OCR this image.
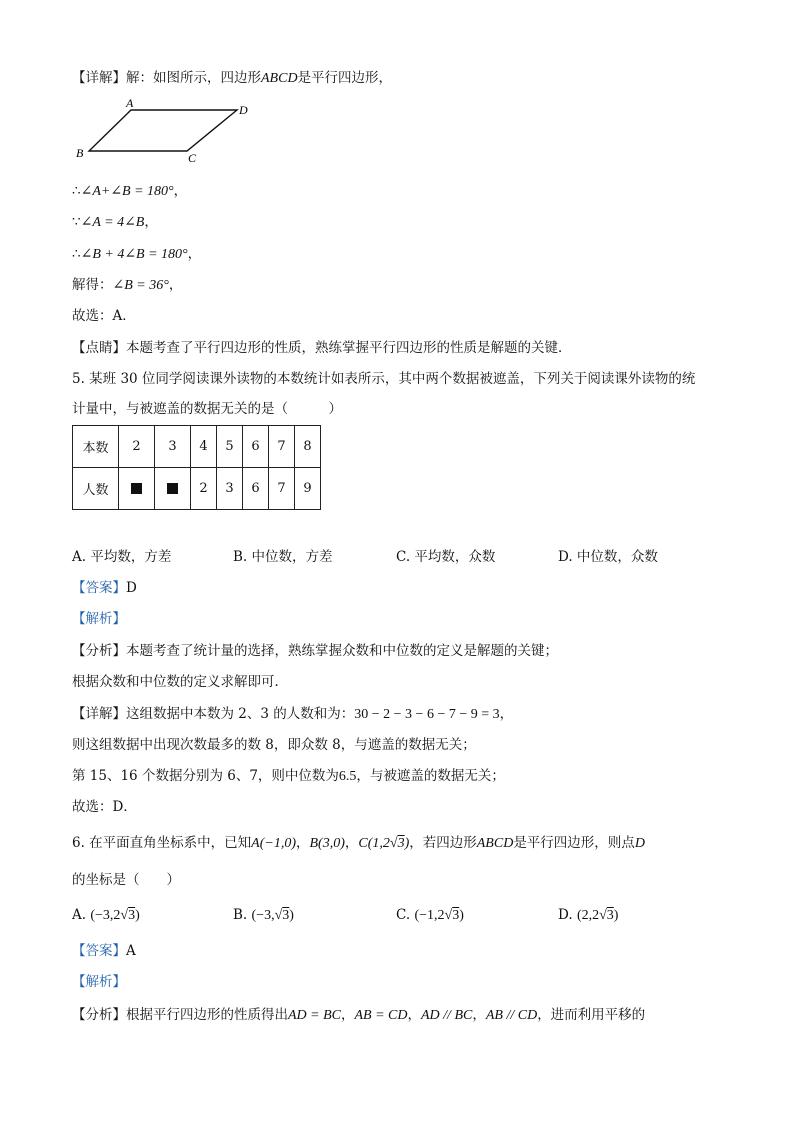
【详解】解：如图所示，四边形ABCD是平行四边形，
A	D
B	C
∴∠A+∠B = 180°，
∵∠A = 4∠B，
∴∠B + 4∠B = 180°，
解得：∠B = 36°，
故选：A．
【点睛】本题考查了平行四边形的性质，熟练掌握平行四边形的性质是解题的关键．
5. 某班 30 位同学阅读课外读物的本数统计如表所示，其中两个数据被遮盖，下列关于阅读课外读物的统
计量中，与被遮盖的数据无关的是（　　　）
本数	2	3	4	5	6	7	8
人数			2	3	6	7	9
A. 平均数，方差	B. 中位数，方差	C. 平均数，众数	D. 中位数，众数
【答案】D
【解析】
【分析】本题考查了统计量的选择，熟练掌握众数和中位数的定义是解题的关键；
根据众数和中位数的定义求解即可．
【详解】这组数据中本数为 2、3 的人数和为：30 − 2 − 3 − 6 − 7 − 9 = 3，
则这组数据中出现次数最多的数 8，即众数 8，与遮盖的数据无关；
第 15、16 个数据分别为 6、7，则中位数为6.5，与被遮盖的数据无关；
故选：D．
6. 在平面直角坐标系中，已知A(−1,0)，B(3,0)，C(1,2√3)，若四边形ABCD是平行四边形，则点D
的坐标是（　　）
A. (−3,2√3)	B. (−3,√3)	C. (−1,2√3)	D. (2,2√3)
【答案】A
【解析】
【分析】根据平行四边形的性质得出AD = BC，AB = CD，AD // BC，AB // CD，进而利用平移的
